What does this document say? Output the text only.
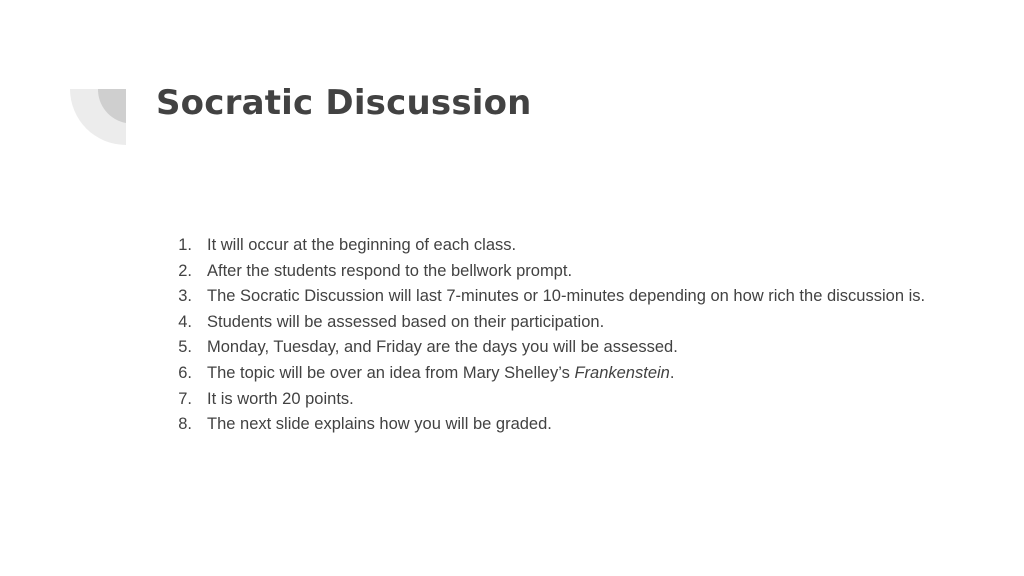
Socratic Discussion
1. It will occur at the beginning of each class.
2. After the students respond to the bellwork prompt.
3. The Socratic Discussion will last 7-minutes or 10-minutes depending on how rich the discussion is.
4. Students will be assessed based on their participation.
5. Monday, Tuesday, and Friday are the days you will be assessed.
6. The topic will be over an idea from Mary Shelley’s Frankenstein.
7. It is worth 20 points.
8. The next slide explains how you will be graded.
